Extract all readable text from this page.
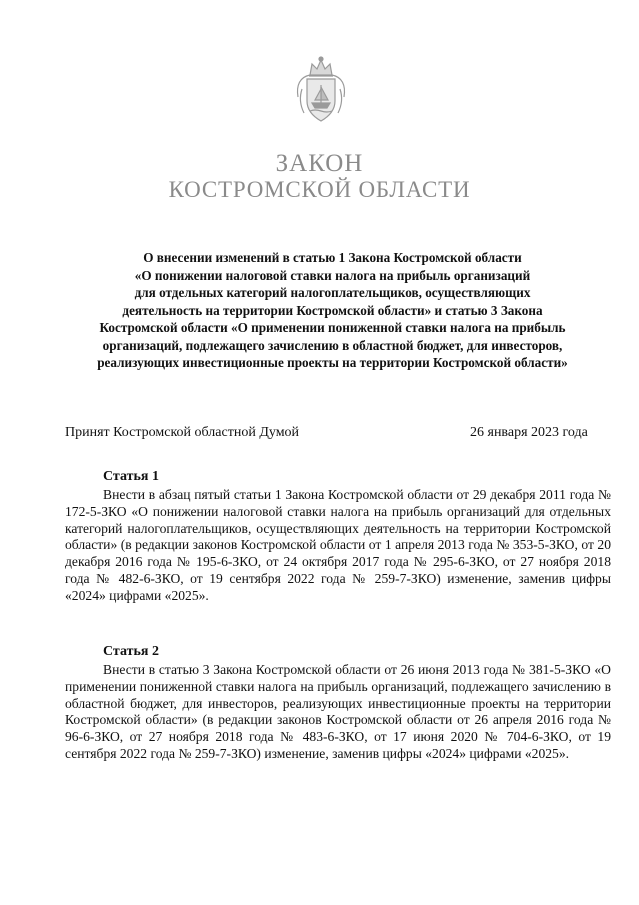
ЗАКОН
КОСТРОМСКОЙ ОБЛАСТИ
О внесении изменений в статью 1 Закона Костромской области
«О понижении налоговой ставки налога на прибыль организаций
для отдельных категорий налогоплательщиков, осуществляющих
деятельность на территории Костромской области» и статью 3 Закона
Костромской области «О применении пониженной ставки налога на прибыль
организаций, подлежащего зачислению в областной бюджет, для инвесторов,
реализующих инвестиционные проекты на территории Костромской области»
Принят Костромской областной Думой	26 января 2023 года
Статья 1
Внести в абзац пятый статьи 1 Закона Костромской области от 29 декабря 2011 года № 172-5-ЗКО «О понижении налоговой ставки налога на прибыль организаций для отдельных категорий налогоплательщиков, осуществляющих деятельность на территории Костромской области» (в редакции законов Костромской области от 1 апреля 2013 года № 353-5-ЗКО, от 20 декабря 2016 года № 195-6-ЗКО, от 24 октября 2017 года № 295-6-ЗКО, от 27 ноября 2018 года № 482-6-ЗКО, от 19 сентября 2022 года № 259-7-ЗКО) изменение, заменив цифры «2024» цифрами «2025».
Статья 2
Внести в статью 3 Закона Костромской области от 26 июня 2013 года № 381-5-ЗКО «О применении пониженной ставки налога на прибыль организаций, подлежащего зачислению в областной бюджет, для инвесторов, реализующих инвестиционные проекты на территории Костромской области» (в редакции законов Костромской области от 26 апреля 2016 года № 96-6-ЗКО, от 27 ноября 2018 года № 483-6-ЗКО, от 17 июня 2020 № 704-6-ЗКО, от 19 сентября 2022 года № 259-7-ЗКО) изменение, заменив цифры «2024» цифрами «2025».
